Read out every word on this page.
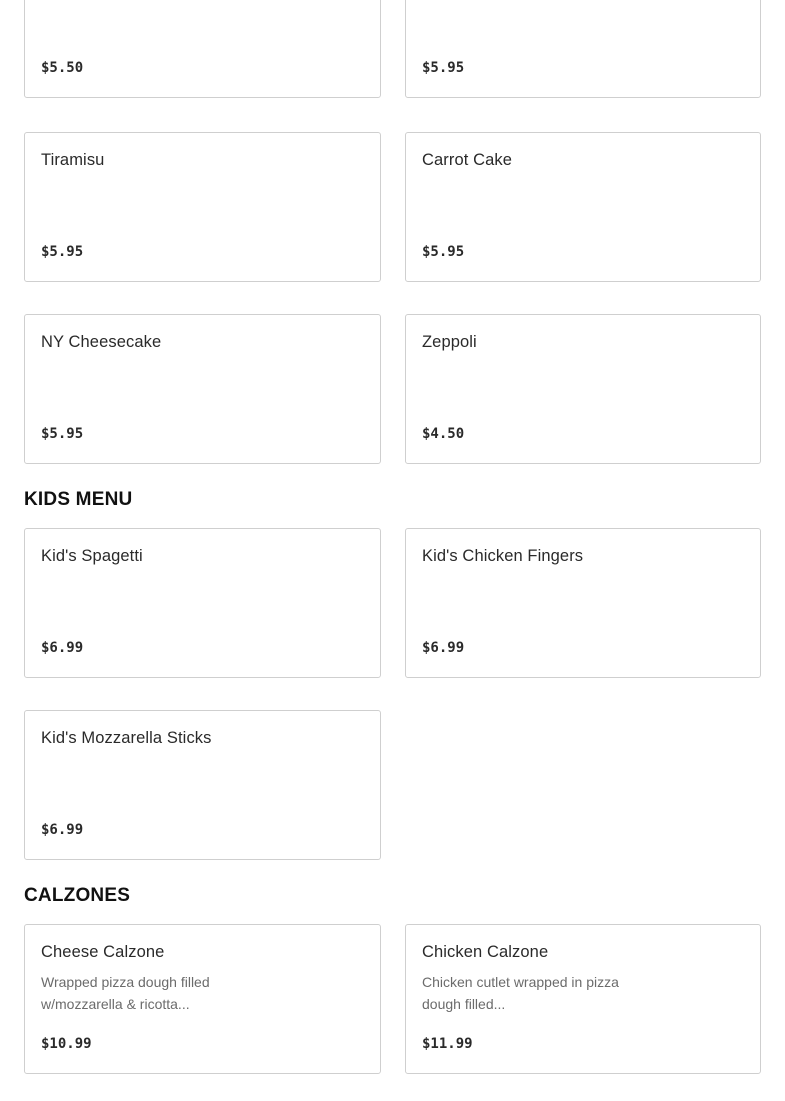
$5.50	$5.95
Tiramisu
$5.95
Carrot Cake
$5.95
NY Cheesecake
$5.95
Zeppoli
$4.50
KIDS MENU
Kid's Spagetti
$6.99
Kid's Chicken Fingers
$6.99
Kid's Mozzarella Sticks
$6.99
CALZONES
Cheese Calzone
Wrapped pizza dough filled w/mozzarella & ricotta...
$10.99
Chicken Calzone
Chicken cutlet wrapped in pizza dough filled...
$11.99
